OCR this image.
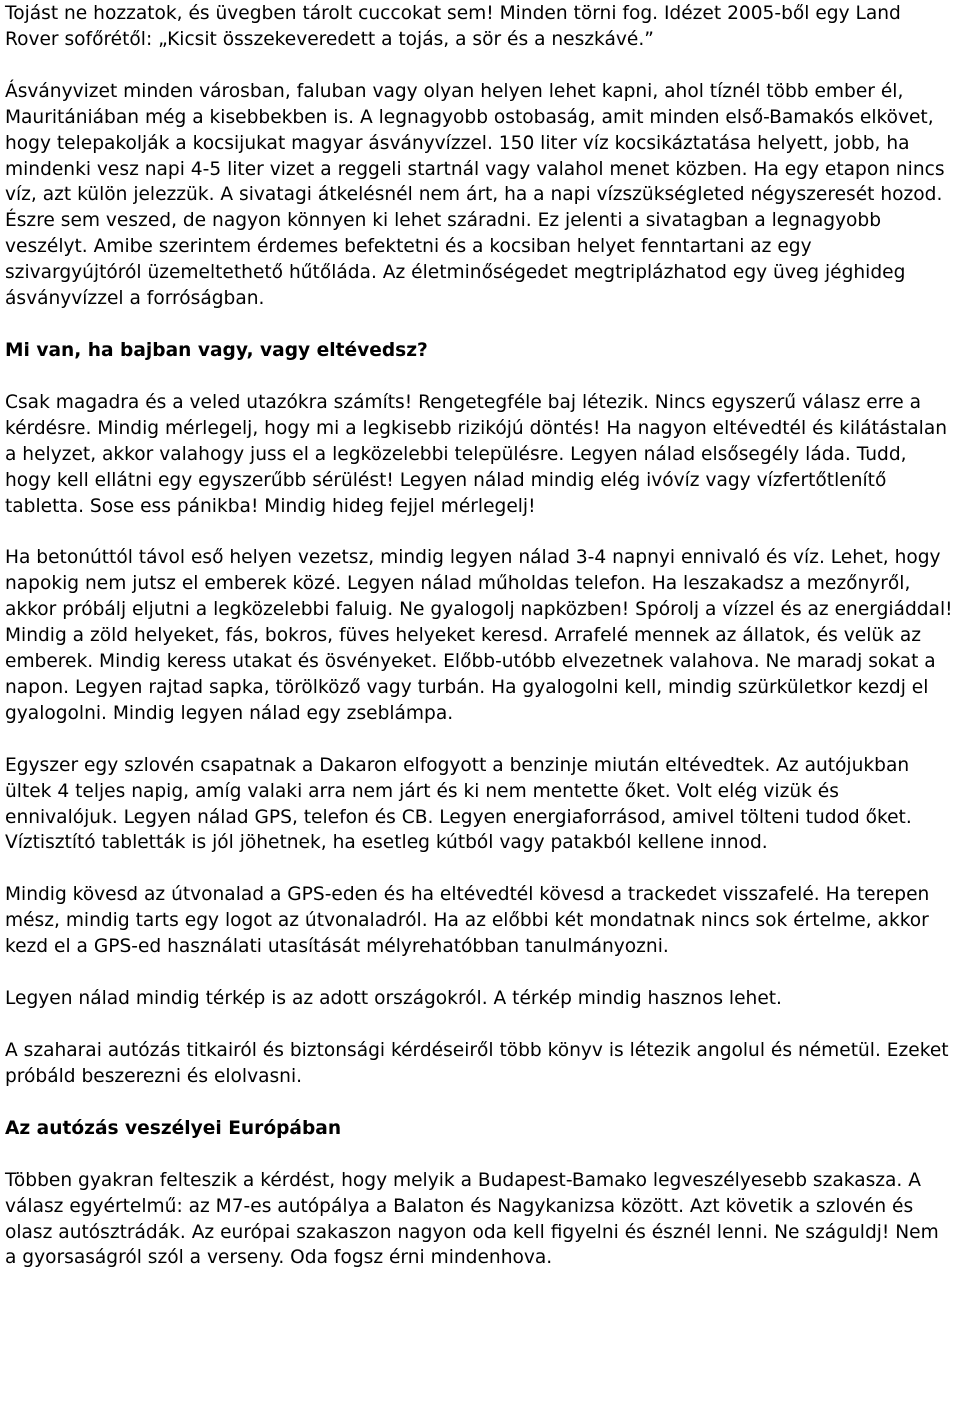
Tojást ne hozzatok, és üvegben tárolt cuccokat sem! Minden törni fog. Idézet 2005-ből egy Land Rover sofőrétől: „Kicsit összekeveredett a tojás, a sör és a neszkávé.”

Ásványvizet minden városban, faluban vagy olyan helyen lehet kapni, ahol tíznél több ember él, Mauritániában még a kisebbekben is. A legnagyobb ostobaság, amit minden első-Bamakós elkövet, hogy telepakolják a kocsijukat magyar ásványvízzel. 150 liter víz kocsikáztatása helyett, jobb, ha mindenki vesz napi 4-5 liter vizet a reggeli startnál vagy valahol menet közben. Ha egy etapon nincs víz, azt külön jelezzük. A sivatagi átkelésnél nem árt, ha a napi vízszükségleted négyszeresét hozod. Észre sem veszed, de nagyon könnyen ki lehet száradni. Ez jelenti a sivatagban a legnagyobb veszélyt. Amibe szerintem érdemes befektetni és a kocsiban helyet fenntartani az egy szivargyújtóról üzemeltethető hűtőláda. Az életminőségedet megtriplázhatod egy üveg jéghideg ásványvízzel a forróságban.

Mi van, ha bajban vagy, vagy eltévedsz?

Csak magadra és a veled utazókra számíts! Rengetegféle baj létezik. Nincs egyszerű válasz erre a kérdésre. Mindig mérlegelj, hogy mi a legkisebb rizikójú döntés! Ha nagyon eltévedtél és kilátástalan a helyzet, akkor valahogy juss el a legközelebbi településre. Legyen nálad elsősegély láda. Tudd, hogy kell ellátni egy egyszerűbb sérülést! Legyen nálad mindig elég ivóvíz vagy vízfertőtlenítő tabletta. Sose ess pánikba! Mindig hideg fejjel mérlegelj!

Ha betonúttól távol eső helyen vezetsz, mindig legyen nálad 3-4 napnyi ennivaló és víz. Lehet, hogy napokig nem jutsz el emberek közé. Legyen nálad műholdas telefon. Ha leszakadsz a mezőnyről, akkor próbálj eljutni a legközelebbi faluig. Ne gyalogolj napközben! Spórolj a vízzel és az energiáddal! Mindig a zöld helyeket, fás, bokros, füves helyeket keresd. Arrafelé mennek az állatok, és velük az emberek. Mindig keress utakat és ösvényeket. Előbb-utóbb elvezetnek valahova. Ne maradj sokat a napon. Legyen rajtad sapka, törölköző vagy turbán. Ha gyalogolni kell, mindig szürkületkor kezdj el gyalogolni. Mindig legyen nálad egy zseblámpa.

Egyszer egy szlovén csapatnak a Dakaron elfogyott a benzinje miután eltévedtek. Az autójukban ültek 4 teljes napig, amíg valaki arra nem járt és ki nem mentette őket. Volt elég vizük és ennivalójuk. Legyen nálad GPS, telefon és CB. Legyen energiaforrásod, amivel tölteni tudod őket. Víztisztító tabletták is jól jöhetnek, ha esetleg kútból vagy patakból kellene innod.

Mindig kövesd az útvonalad a GPS-eden és ha eltévedtél kövesd a trackedet visszafelé. Ha terepen mész, mindig tarts egy logot az útvonaladról. Ha az előbbi két mondatnak nincs sok értelme, akkor kezd el a GPS-ed használati utasítását mélyrehatóbban tanulmányozni.

Legyen nálad mindig térkép is az adott országokról. A térkép mindig hasznos lehet.

A szaharai autózás titkairól és biztonsági kérdéseiről több könyv is létezik angolul és németül. Ezeket próbáld beszerezni és elolvasni.

Az autózás veszélyei Európában

Többen gyakran felteszik a kérdést, hogy melyik a Budapest-Bamako legveszélyesebb szakasza. A válasz egyértelmű: az M7-es autópálya a Balaton és Nagykanizsa között. Azt követik a szlovén és olasz autósztrádák. Az európai szakaszon nagyon oda kell figyelni és észnél lenni. Ne száguldj! Nem a gyorsaságról szól a verseny. Oda fogsz érni mindenhova.
